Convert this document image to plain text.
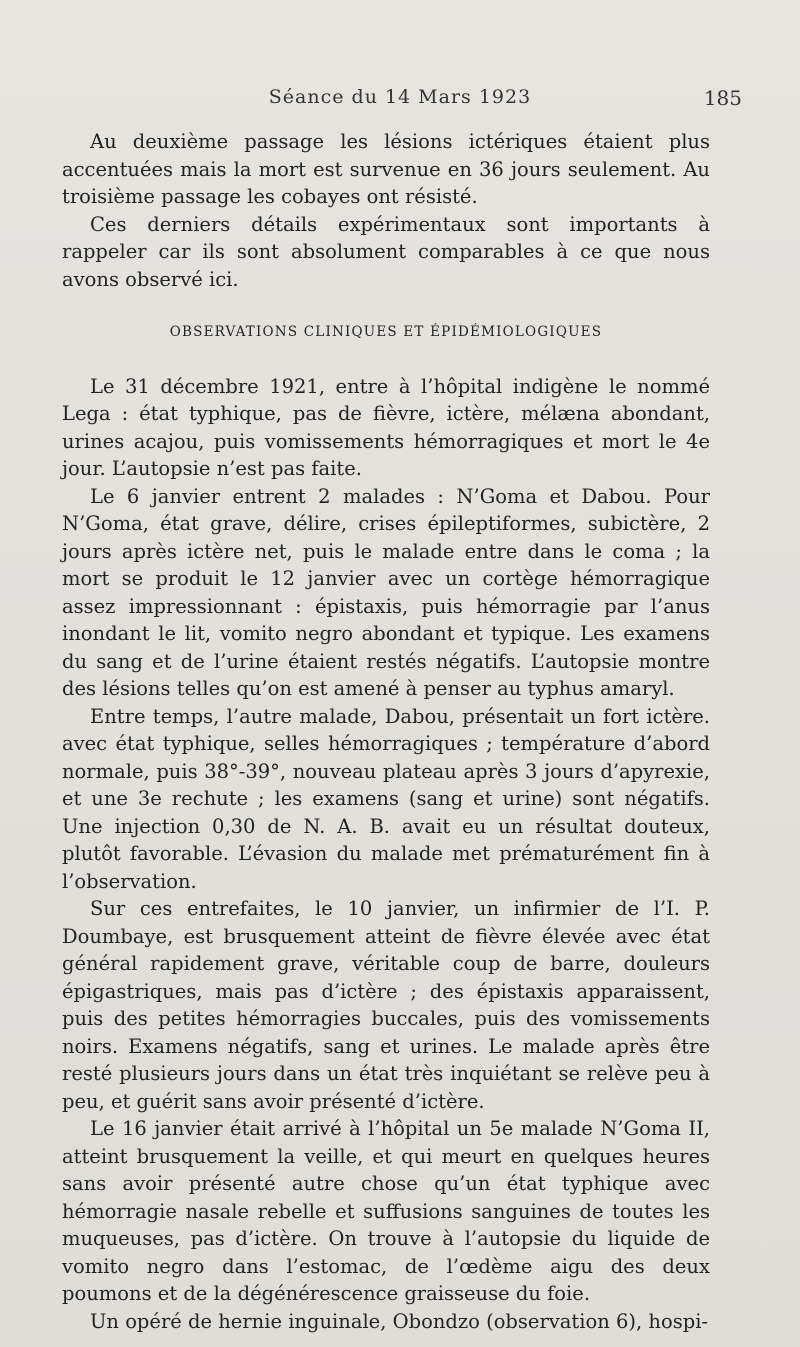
Séance du 14 Mars 1923	185

Au deuxième passage les lésions ictériques étaient plus accentuées mais la mort est survenue en 36 jours seulement. Au troisième passage les cobayes ont résisté.

Ces derniers détails expérimentaux sont importants à rappeler car ils sont absolument comparables à ce que nous avons observé ici.

OBSERVATIONS CLINIQUES ET ÉPIDÉMIOLOGIQUES

Le 31 décembre 1921, entre à l’hôpital indigène le nommé Lega : état typhique, pas de fièvre, ictère, mélæna abondant, urines acajou, puis vomissements hémorragiques et mort le 4e jour. L’autopsie n’est pas faite.

Le 6 janvier entrent 2 malades : N’Goma et Dabou. Pour N’Goma, état grave, délire, crises épileptiformes, subictère, 2 jours après ictère net, puis le malade entre dans le coma ; la mort se produit le 12 janvier avec un cortège hémorragique assez impressionnant : épistaxis, puis hémorragie par l’anus inondant le lit, vomito negro abondant et typique. Les examens du sang et de l’urine étaient restés négatifs. L’autopsie montre des lésions telles qu’on est amené à penser au typhus amaryl.

Entre temps, l’autre malade, Dabou, présentait un fort ictère. avec état typhique, selles hémorragiques ; température d’abord normale, puis 38°-39°, nouveau plateau après 3 jours d’apyrexie, et une 3e rechute ; les examens (sang et urine) sont négatifs. Une injection 0,30 de N. A. B. avait eu un résultat douteux, plutôt favorable. L’évasion du malade met prématurément fin à l’observation.

Sur ces entrefaites, le 10 janvier, un infirmier de l’I. P. Doumbaye, est brusquement atteint de fièvre élevée avec état général rapidement grave, véritable coup de barre, douleurs épigastriques, mais pas d’ictère ; des épistaxis apparaissent, puis des petites hémorragies buccales, puis des vomissements noirs. Examens négatifs, sang et urines. Le malade après être resté plusieurs jours dans un état très inquiétant se relève peu à peu, et guérit sans avoir présenté d’ictère.

Le 16 janvier était arrivé à l’hôpital un 5e malade N’Goma II, atteint brusquement la veille, et qui meurt en quelques heures sans avoir présenté autre chose qu’un état typhique avec hémorragie nasale rebelle et suffusions sanguines de toutes les muqueuses, pas d’ictère. On trouve à l’autopsie du liquide de vomito negro dans l’estomac, de l’œdème aigu des deux poumons et de la dégénérescence graisseuse du foie.

Un opéré de hernie inguinale, Obondzo (observation 6), hospi-
